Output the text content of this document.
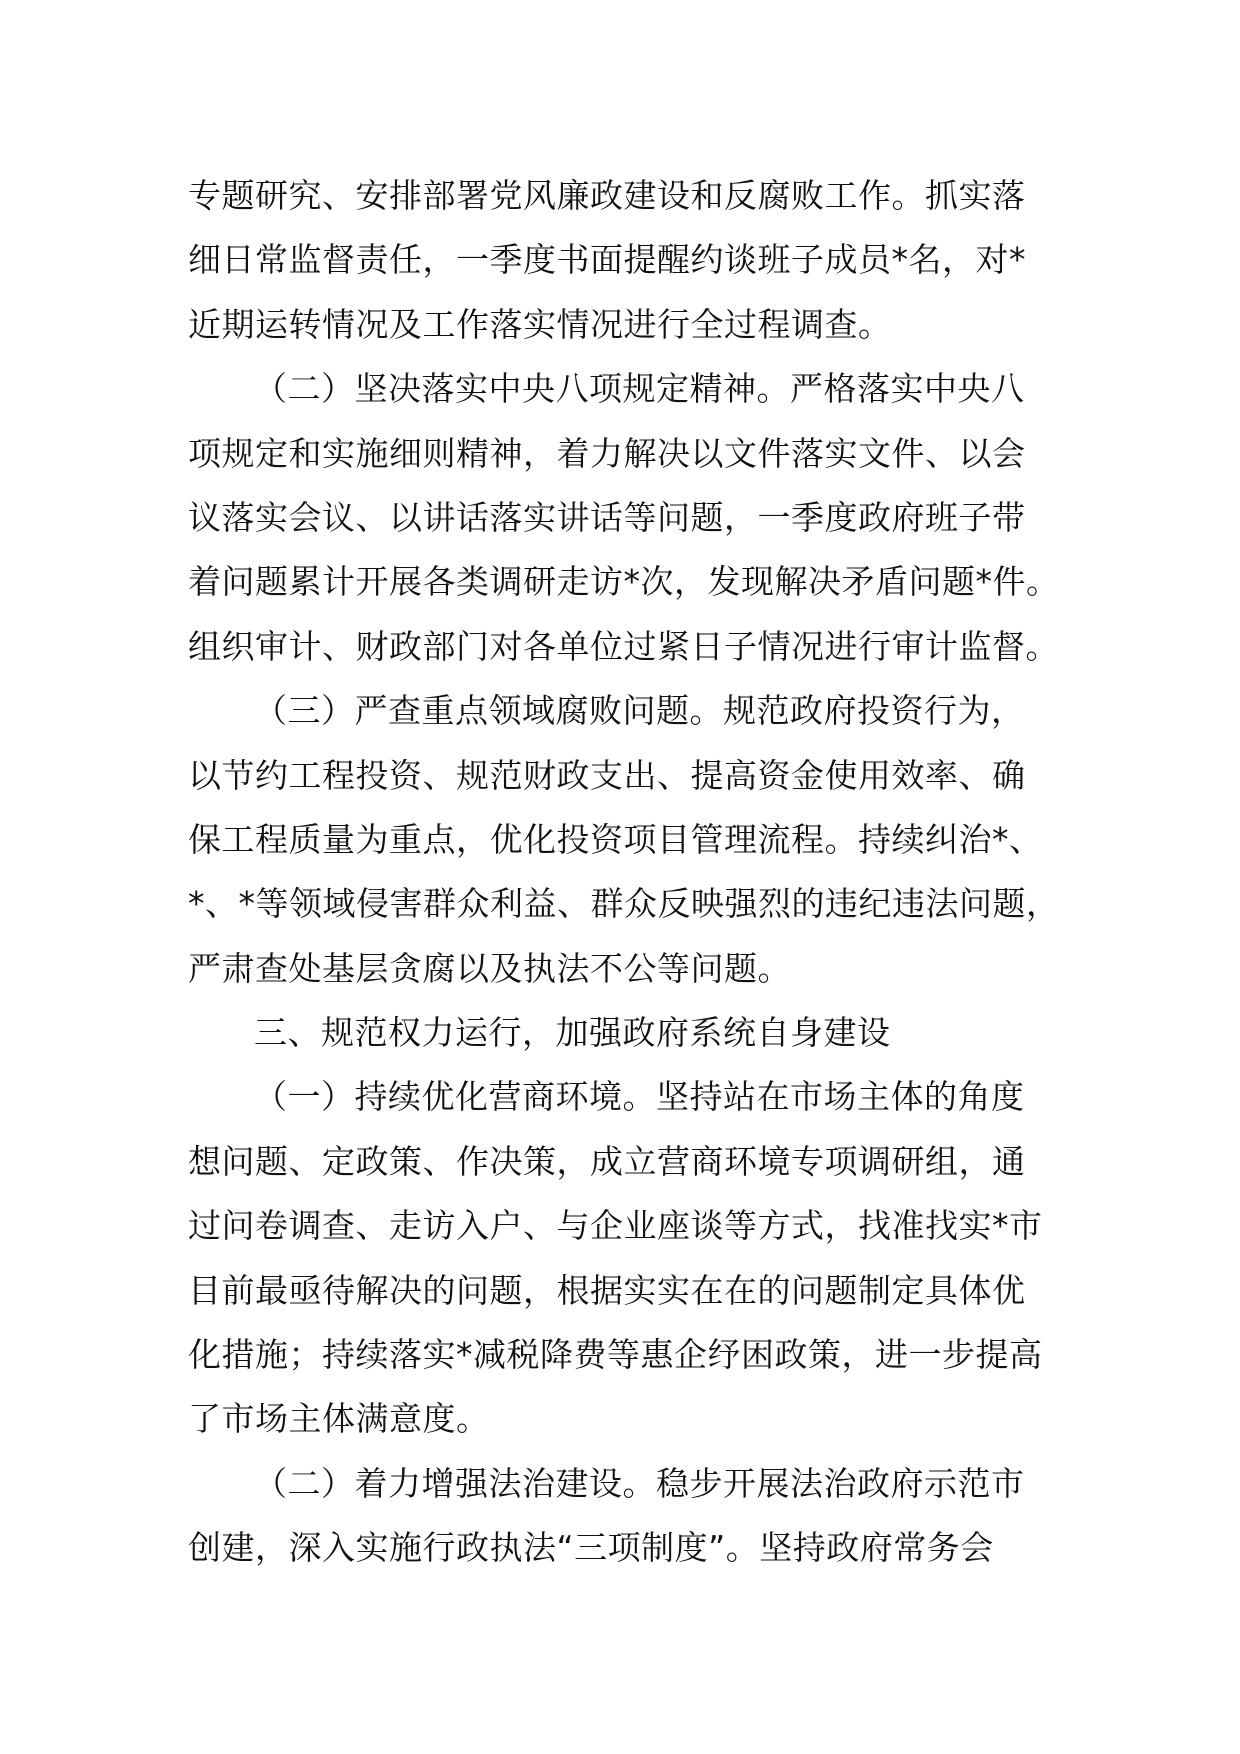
专题研究、安排部署党风廉政建设和反腐败工作。抓实落
细日常监督责任，一季度书面提醒约谈班子成员*名，对*
近期运转情况及工作落实情况进行全过程调查。
（二）坚决落实中央八项规定精神。严格落实中央八
项规定和实施细则精神，着力解决以文件落实文件、以会
议落实会议、以讲话落实讲话等问题，一季度政府班子带
着问题累计开展各类调研走访*次，发现解决矛盾问题*件。
组织审计、财政部门对各单位过紧日子情况进行审计监督。
（三）严查重点领域腐败问题。规范政府投资行为，
以节约工程投资、规范财政支出、提高资金使用效率、确
保工程质量为重点，优化投资项目管理流程。持续纠治*、
*、*等领域侵害群众利益、群众反映强烈的违纪违法问题，
严肃查处基层贪腐以及执法不公等问题。
三、规范权力运行，加强政府系统自身建设
（一）持续优化营商环境。坚持站在市场主体的角度
想问题、定政策、作决策，成立营商环境专项调研组，通
过问卷调查、走访入户、与企业座谈等方式，找准找实*市
目前最亟待解决的问题，根据实实在在的问题制定具体优
化措施；持续落实*减税降费等惠企纾困政策，进一步提高
了市场主体满意度。
（二）着力增强法治建设。稳步开展法治政府示范市
创建，深入实施行政执法“三项制度”。坚持政府常务会
